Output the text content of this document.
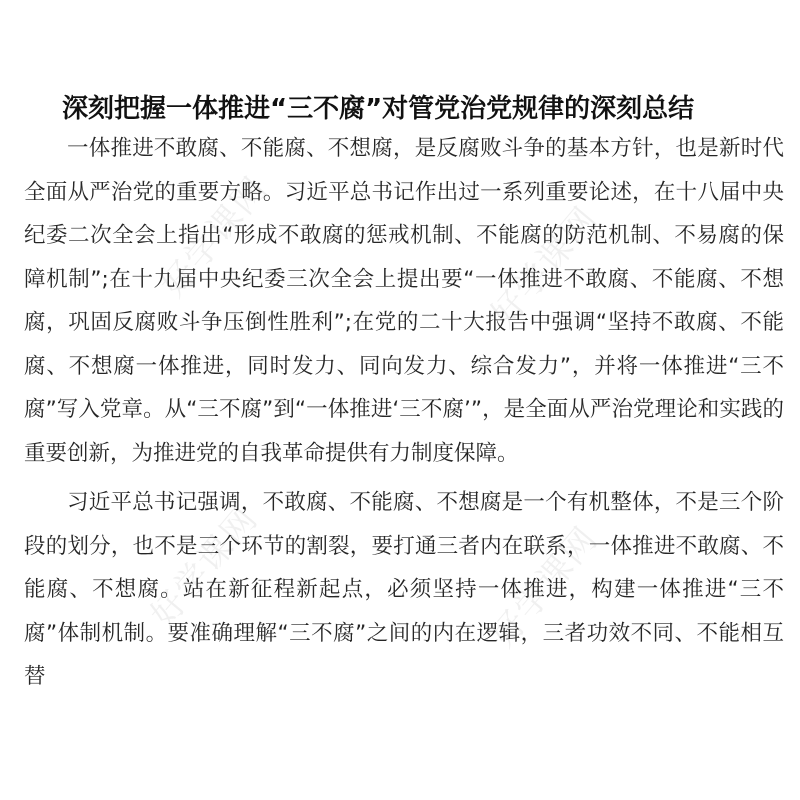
好学课网	好学课网
好学课网	好学课网
深刻把握一体推进“三不腐”对管党治党规律的深刻总结

一体推进不敢腐、不能腐、不想腐，是反腐败斗争的基本方针，也是新时代全面从严治党的重要方略。习近平总书记作出过一系列重要论述，在十八届中央纪委二次全会上指出“形成不敢腐的惩戒机制、不能腐的防范机制、不易腐的保障机制”;在十九届中央纪委三次全会上提出要“一体推进不敢腐、不能腐、不想腐，巩固反腐败斗争压倒性胜利”;在党的二十大报告中强调“坚持不敢腐、不能腐、不想腐一体推进，同时发力、同向发力、综合发力”，并将一体推进“三不腐”写入党章。从“三不腐”到“一体推进‘三不腐’”，是全面从严治党理论和实践的重要创新，为推进党的自我革命提供有力制度保障。

习近平总书记强调，不敢腐、不能腐、不想腐是一个有机整体，不是三个阶段的划分，也不是三个环节的割裂，要打通三者内在联系，一体推进不敢腐、不能腐、不想腐。站在新征程新起点，必须坚持一体推进，构建一体推进“三不腐”体制机制。要准确理解“三不腐”之间的内在逻辑，三者功效不同、不能相互替
